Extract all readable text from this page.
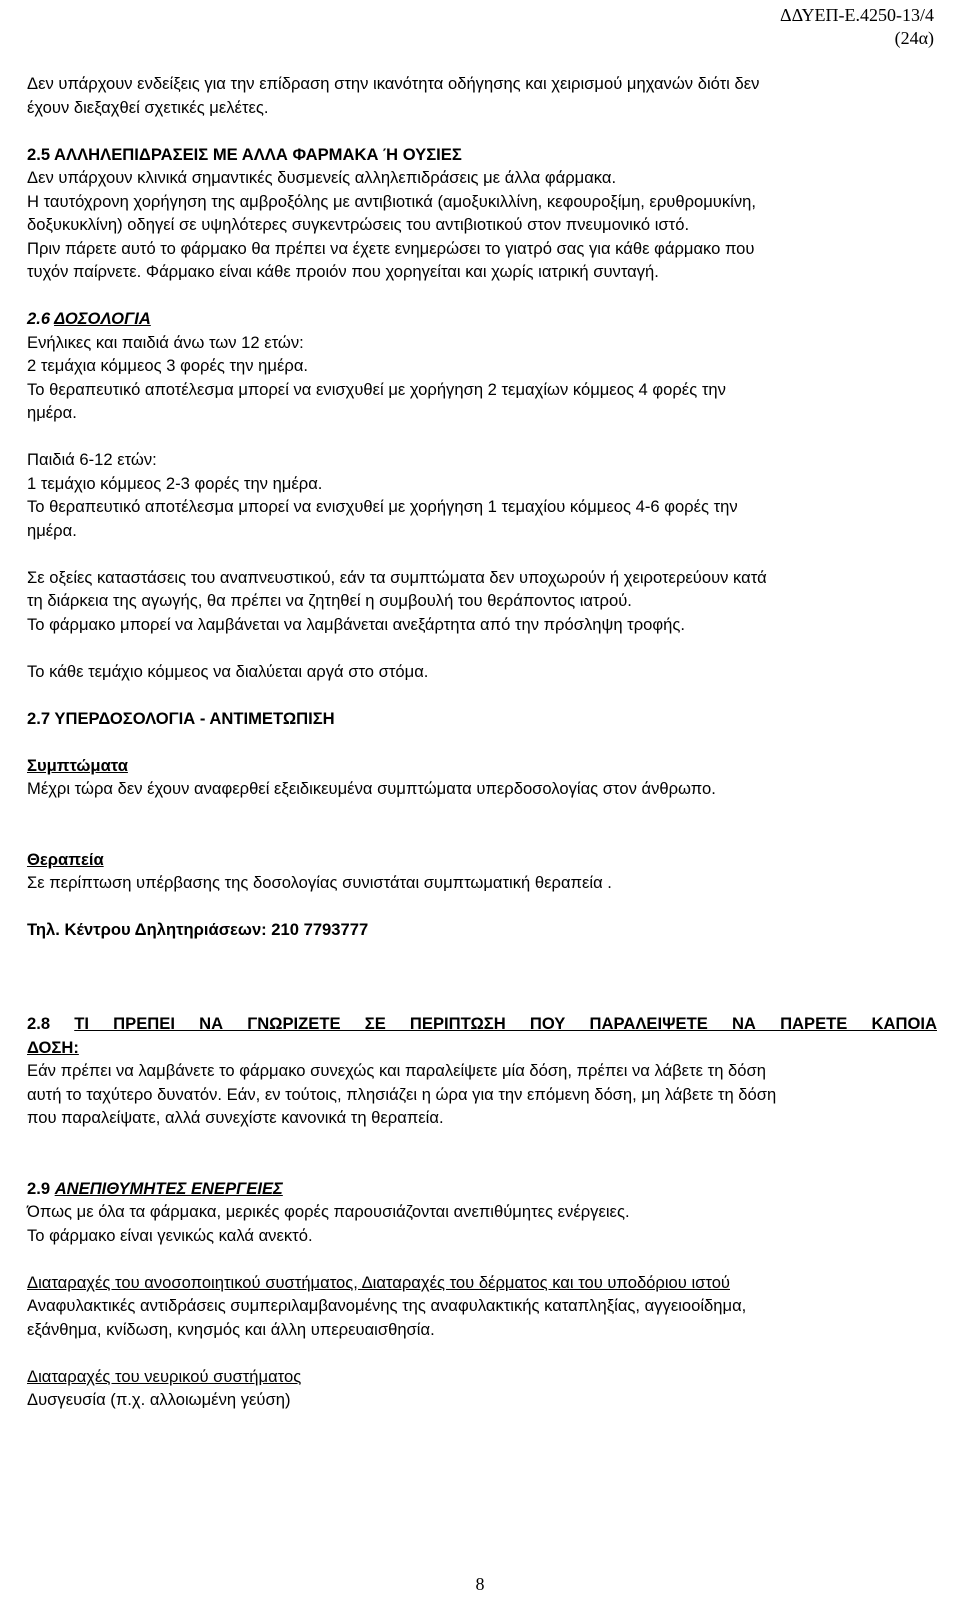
ΔΔΥΕΠ-Ε.4250-13/4
(24α)

Δεν υπάρχουν ενδείξεις για την επίδραση στην ικανότητα οδήγησης και χειρισμού μηχανών διότι δεν

έχουν διεξαχθεί σχετικές μελέτες.

2.5 ΑΛΛΗΛΕΠΙΔΡΑΣΕΙΣ ΜΕ ΑΛΛΑ ΦΑΡΜΑΚΑ Ή ΟΥΣΙΕΣ

Δεν υπάρχουν κλινικά σημαντικές δυσμενείς αλληλεπιδράσεις με άλλα φάρμακα.

Η ταυτόχρονη χορήγηση της αμβροξόλης με αντιβιοτικά (αμοξυκιλλίνη, κεφουροξίμη, ερυθρομυκίνη,

δοξυκυκλίνη) οδηγεί σε υψηλότερες συγκεντρώσεις του αντιβιοτικού στον πνευμονικό ιστό.

Πριν πάρετε αυτό το φάρμακο θα πρέπει να έχετε ενημερώσει το γιατρό σας για κάθε φάρμακο που

τυχόν παίρνετε. Φάρμακο είναι κάθε προιόν που χορηγείται και χωρίς ιατρική συνταγή.

2.6 ΔΟΣΟΛΟΓΙΑ

Ενήλικες και παιδιά άνω των 12 ετών:

2 τεμάχια κόμμεος 3 φορές την ημέρα.

Το θεραπευτικό αποτέλεσμα μπορεί να ενισχυθεί με χορήγηση 2 τεμαχίων κόμμεος 4 φορές την

ημέρα.

Παιδιά 6-12 ετών:

1 τεμάχιο κόμμεος 2-3 φορές την ημέρα.

Το θεραπευτικό αποτέλεσμα μπορεί να ενισχυθεί με χορήγηση 1 τεμαχίου κόμμεος 4-6 φορές την

ημέρα.

Σε οξείες καταστάσεις του αναπνευστικού, εάν τα συμπτώματα δεν υποχωρούν ή χειροτερεύουν κατά

τη διάρκεια της αγωγής, θα πρέπει να ζητηθεί η συμβουλή του θεράποντος ιατρού.

Το φάρμακο μπορεί να λαμβάνεται να λαμβάνεται ανεξάρτητα από την πρόσληψη τροφής.

Το κάθε τεμάχιο κόμμεος να διαλύεται αργά στο στόμα.

2.7 ΥΠΕΡΔΟΣΟΛΟΓΙΑ - ΑΝΤΙΜΕΤΩΠΙΣΗ

Συμπτώματα

Μέχρι τώρα δεν έχουν αναφερθεί εξειδικευμένα συμπτώματα υπερδοσολογίας στον άνθρωπο.

Θεραπεία

Σε περίπτωση υπέρβασης της δοσολογίας συνιστάται συμπτωματική θεραπεία .

Τηλ. Κέντρου Δηλητηριάσεων: 210 7793777

2.8 ΤΙ ΠΡΕΠΕΙ ΝΑ ΓΝΩΡΙΖΕΤΕ ΣΕ ΠΕΡΙΠΤΩΣΗ ΠΟΥ ΠΑΡΑΛΕΙΨΕΤΕ ΝΑ ΠΑΡΕΤΕ ΚΑΠΟΙΑ

ΔΟΣΗ:

Εάν πρέπει να λαμβάνετε το φάρμακο συνεχώς και παραλείψετε μία δόση, πρέπει να λάβετε τη δόση

αυτή το ταχύτερο δυνατόν. Εάν, εν τούτοις, πλησιάζει η ώρα για την επόμενη δόση, μη λάβετε τη δόση

που παραλείψατε, αλλά συνεχίστε κανονικά τη θεραπεία.

2.9 ΑΝΕΠΙΘΥΜΗΤΕΣ ΕΝΕΡΓΕΙΕΣ

Όπως με όλα τα φάρμακα, μερικές φορές παρουσιάζονται ανεπιθύμητες ενέργειες.

Το φάρμακο είναι γενικώς καλά ανεκτό.

Διαταραχές του ανοσοποιητικού συστήματος, Διαταραχές του δέρματος και του υποδόριου ιστού

Αναφυλακτικές αντιδράσεις συμπεριλαμβανομένης της αναφυλακτικής καταπληξίας, αγγειοοίδημα,

εξάνθημα, κνίδωση, κνησμός και άλλη υπερευαισθησία.

Διαταραχές του νευρικού συστήματος

Δυσγευσία (π.χ. αλλοιωμένη γεύση)

8
